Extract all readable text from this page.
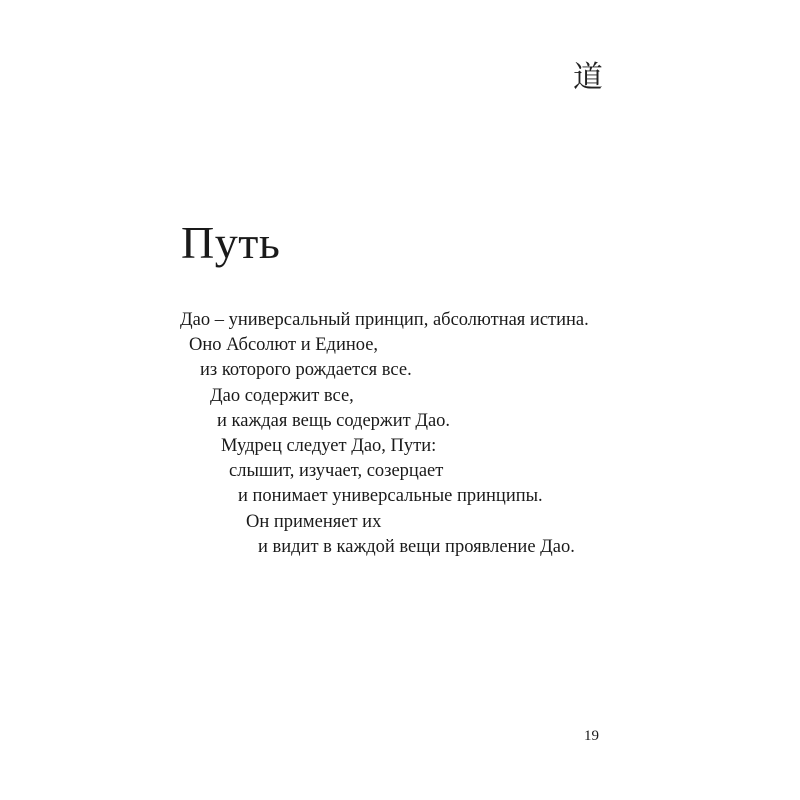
道
Путь
Дао – универсальный принцип, абсолютная истина.
Оно Абсолют и Единое,
из которого рождается все.
Дао содержит все,
и каждая вещь содержит Дао.
Мудрец следует Дао, Пути:
слышит, изучает, созерцает
и понимает универсальные принципы.
Он применяет их
и видит в каждой вещи проявление Дао.
19
